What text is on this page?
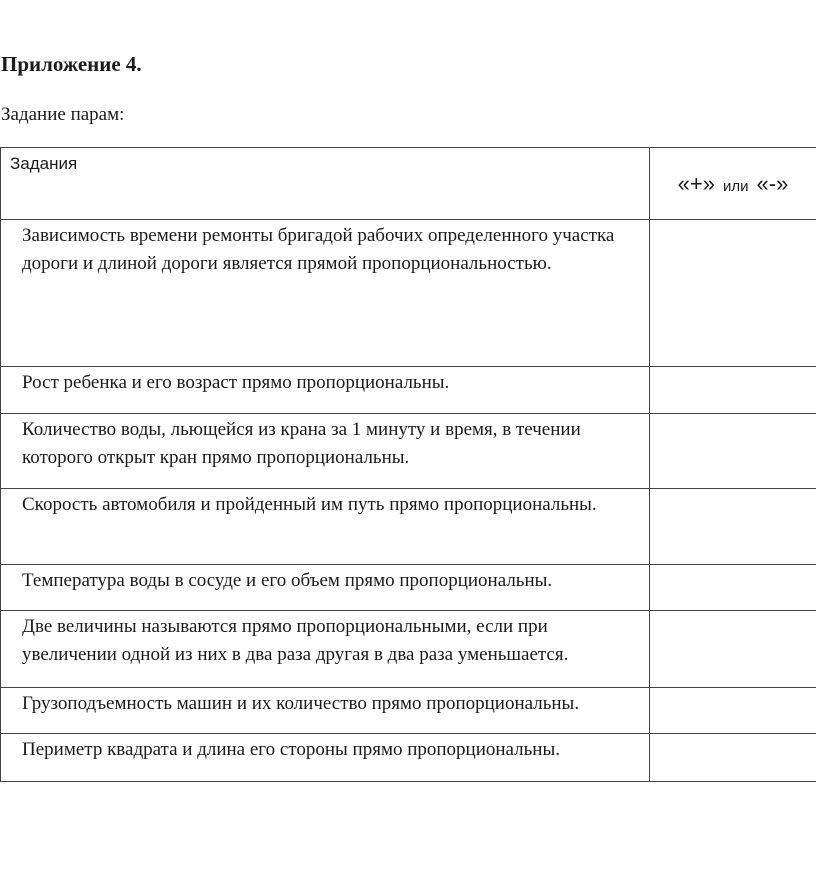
Приложение 4.

Задание парам:

Задания	«+» или «-»
Зависимость времени ремонты бригадой рабочих определенного участка дороги и длиной дороги является прямой пропорциональностью.	
Рост ребенка и его возраст прямо пропорциональны.	
Количество воды, льющейся из крана за 1 минуту и время, в течении которого открыт кран прямо пропорциональны.	
Скорость автомобиля и пройденный им путь прямо пропорциональны.	
Температура воды в сосуде и его объем прямо пропорциональны.	
Две величины называются прямо пропорциональными, если при увеличении одной из них в два раза другая в два раза уменьшается.	
Грузоподъемность машин и их количество прямо пропорциональны.	
Периметр квадрата и длина его стороны прямо пропорциональны.	
